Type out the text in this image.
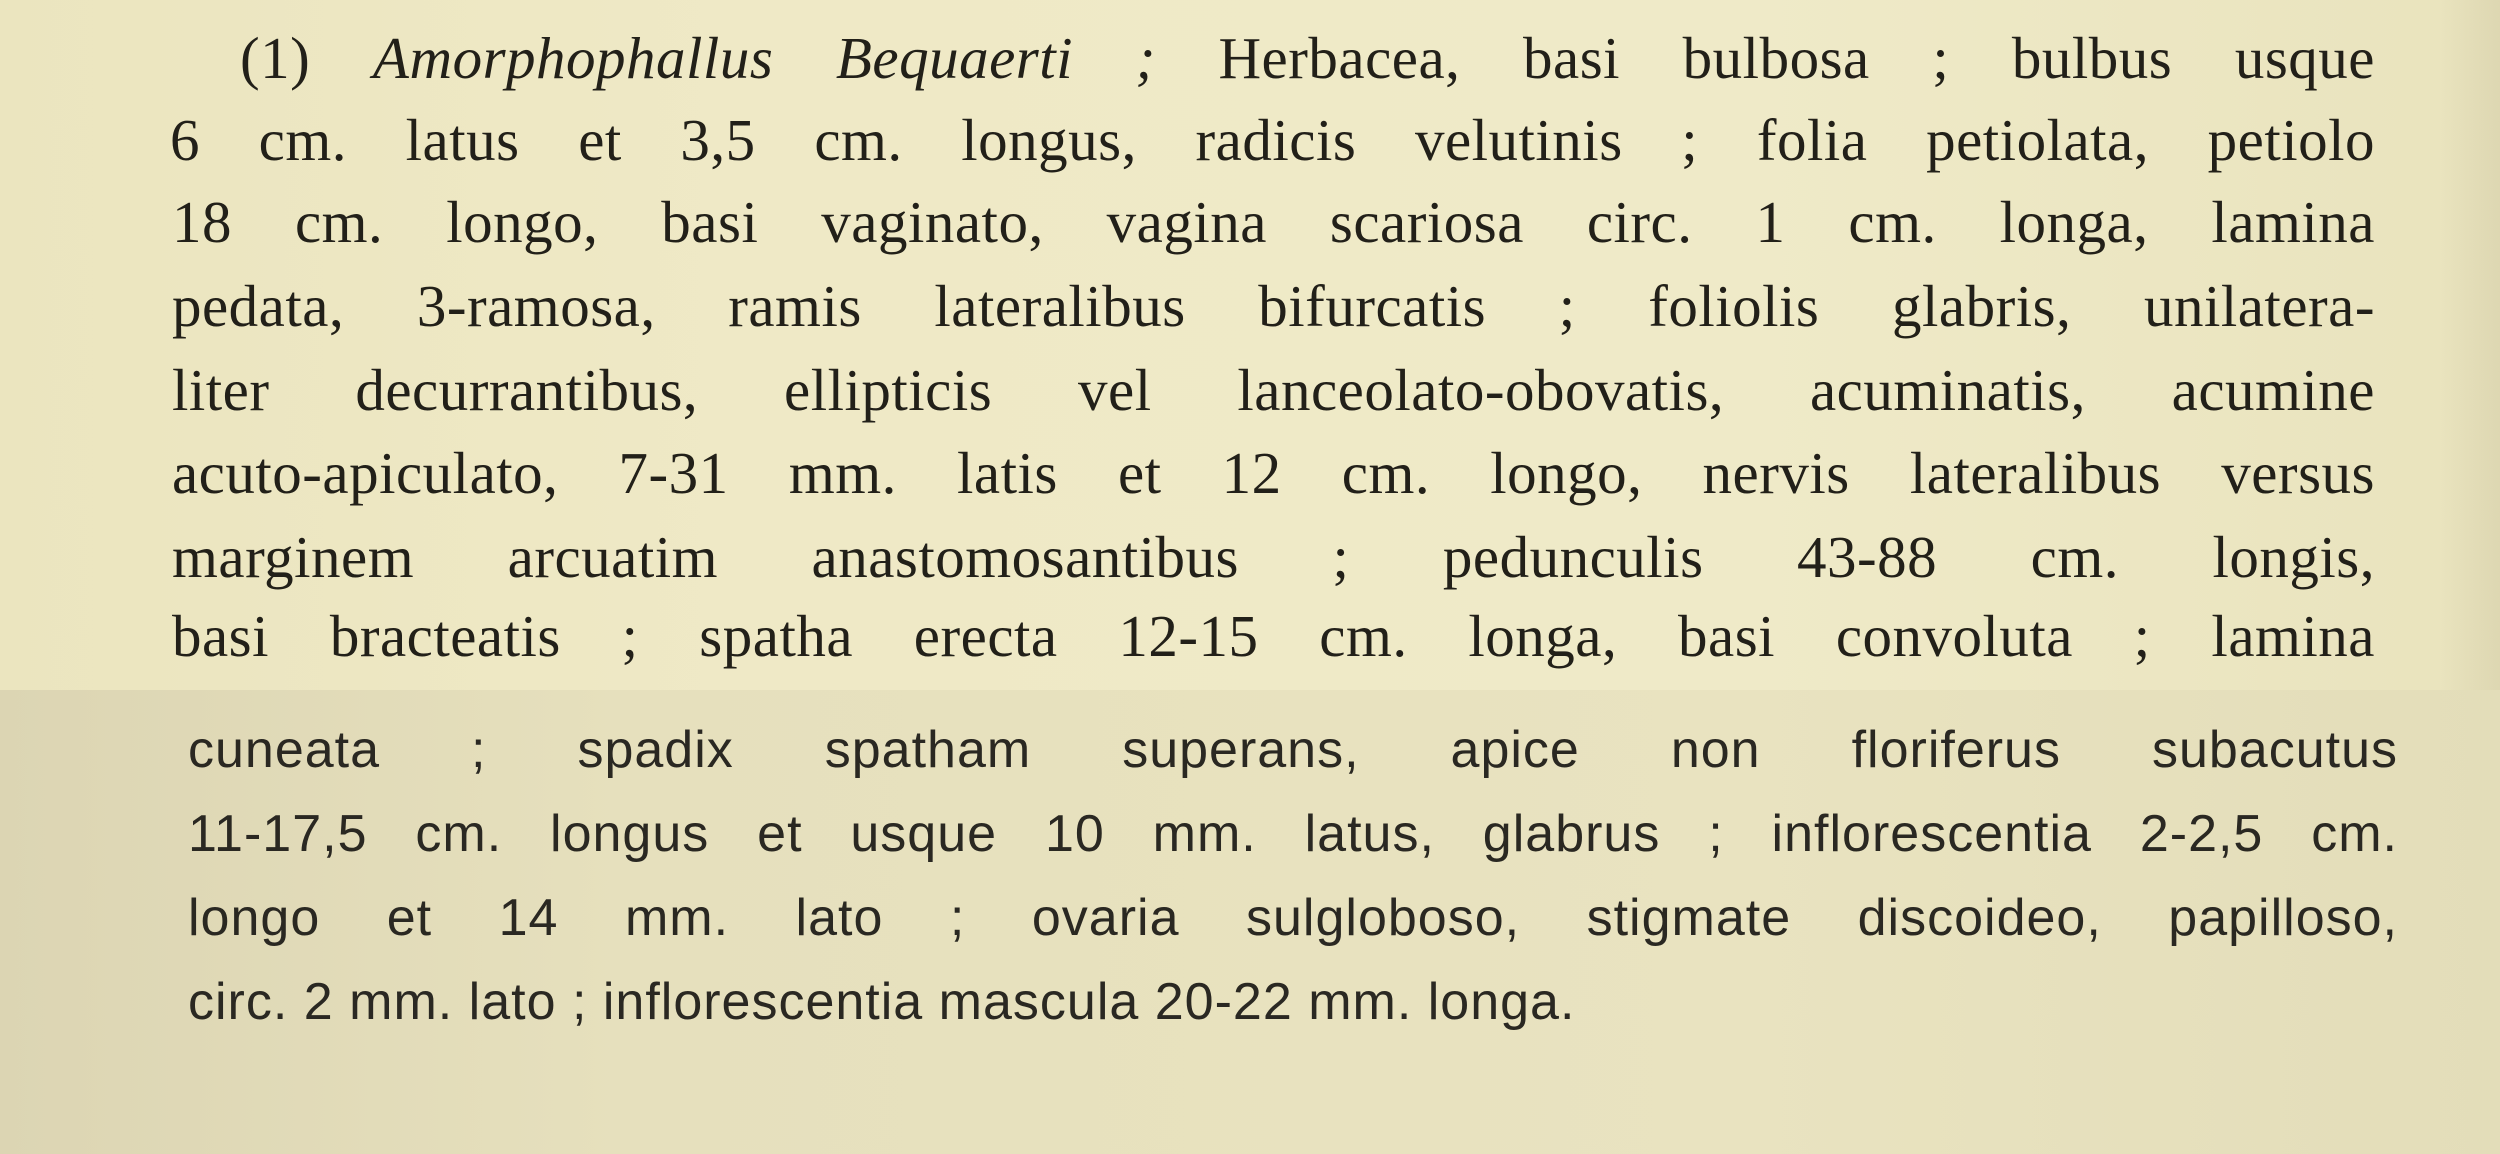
(1) Amorphophallus Bequaerti ; Herbacea, basi bulbosa ; bulbus usque
6 cm. latus et 3,5 cm. longus, radicis velutinis ; folia petiolata, petiolo
18 cm. longo, basi vaginato, vagina scariosa circ. 1 cm. longa, lamina
pedata, 3-ramosa, ramis lateralibus bifurcatis ; foliolis glabris, unilatera-
liter decurrantibus, ellipticis vel lanceolato-obovatis, acuminatis, acumine
acuto-apiculato, 7-31 mm. latis et 12 cm. longo, nervis lateralibus versus
marginem arcuatim anastomosantibus ; pedunculis 43-88 cm. longis,
basi bracteatis ; spatha erecta 12-15 cm. longa, basi convoluta ; lamina
cuneata ; spadix spatham superans, apice non floriferus subacutus
11-17,5 cm. longus et usque 10 mm. latus, glabrus ; inflorescentia 2-2,5 cm.
longo et 14 mm. lato ; ovaria sulgloboso, stigmate discoideo, papilloso,
circ. 2 mm. lato ; inflorescentia mascula 20-22 mm. longa.
